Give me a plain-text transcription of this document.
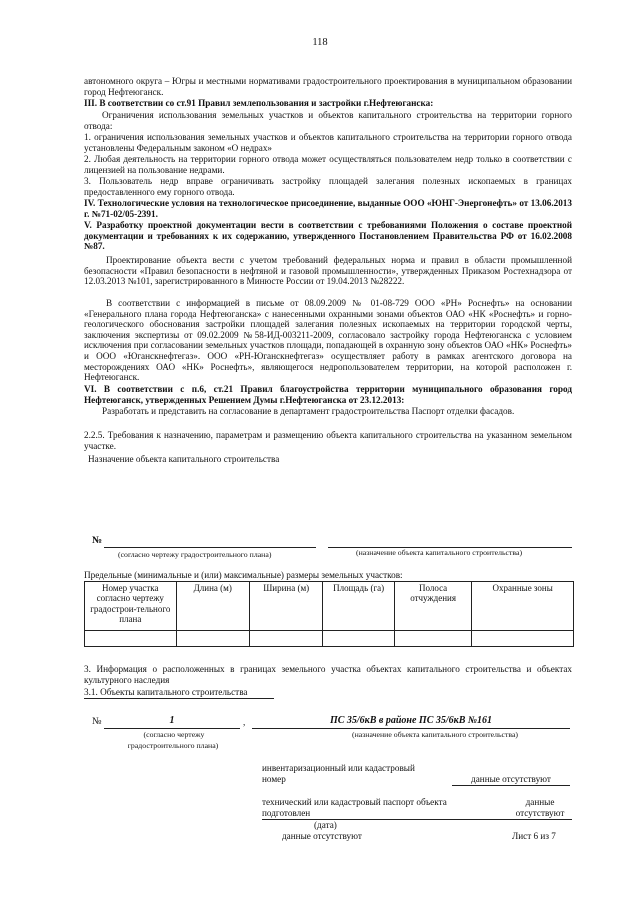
118
автономного округа – Югры и местными нормативами градостроительного проектирования в муниципальном образовании город Нефтеюганск.
III. В соответствии со ст.91 Правил землепользования и застройки г.Нефтеюганска:
Ограничения использования земельных участков и объектов капитального строительства на территории горного отвода:
1. ограничения использования земельных участков и объектов капитального строительства на территории горного отвода установлены Федеральным законом «О недрах»
2. Любая деятельность на территории горного отвода может осуществляться пользователем недр только в соответствии с лицензией на пользование недрами.
3. Пользователь недр вправе ограничивать застройку площадей залегания полезных ископаемых в границах предоставленного ему горного отвода.
IV. Технологические условия на технологическое присоединение, выданные ООО «ЮНГ-Энергонефть» от 13.06.2013 г. №71-02/05-2391.
V. Разработку проектной документации вести в соответствии с требованиями Положения о составе проектной документации и требованиях к их содержанию, утвержденного Постановлением Правительства РФ от 16.02.2008 №87.
Проектирование объекта вести с учетом требований федеральных норма и правил в области промышленной безопасности «Правил безопасности в нефтяной и газовой промышленности», утвержденных Приказом Ростехнадзора от 12.03.2013 №101, зарегистрированного в Минюсте России от 19.04.2013 №28222.
В соответствии с информацией в письме от 08.09.2009 № 01-08-729 ООО «РН» Роснефть» на основании «Генерального плана города Нефтеюганска» с нанесенными охранными зонами объектов ОАО «НК «Роснефть» и горно-геологического обоснования застройки площадей залегания полезных ископаемых на территории городской черты, заключения экспертизы от 09.02.2009 №58-ИД-003211-2009, согласовало застройку города Нефтеюганска с условием исключения при согласовании земельных участков площади, попадающей в охранную зону объектов ОАО «НК» Роснефть» и ООО «Юганскнефтегаз». ООО «РН-Юганскнефтегаз» осуществляет работу в рамках агентского договора на месторождениях ОАО «НК» Роснефть», являющегося недропользователем территории, на которой расположен г. Нефтеюганск.
VI. В соответствии с п.6, ст.21 Правил благоустройства территории муниципального образования город Нефтеюганск, утвержденных Решением Думы г.Нефтеюганска от 23.12.2013:
Разработать и представить на согласование в департамент градостроительства Паспорт отделки фасадов.
2.2.5. Требования к назначению, параметрам и размещению объекта капитального строительства на указанном земельном участке.
Назначение объекта капитального строительства
№
(согласно чертежу градостроительного плана)	(назначение объекта капитального строительства)
Предельные (минимальные и (или) максимальные) размеры земельных участков:
Номер участка согласно чертежу градострои-тельного плана	Длина (м)	Ширина (м)	Площадь (га)	Полоса отчуждения	Охранные зоны

3. Информация о расположенных в границах земельного участка объектах капитального строительства и объектах культурного наследия
3.1. Объекты капитального строительства
№	1	,	ПС 35/6кВ в районе ПС 35/6кВ №161
(согласно чертежу
градостроительного плана)
(назначение объекта капитального строительства)
инвентаризационный или кадастровый
номер	данные отсутствуют
технический или кадастровый паспорт объекта
подготовлен
данные
отсутствуют
(дата)
данные отсутствуют	Лист 6 из 7
